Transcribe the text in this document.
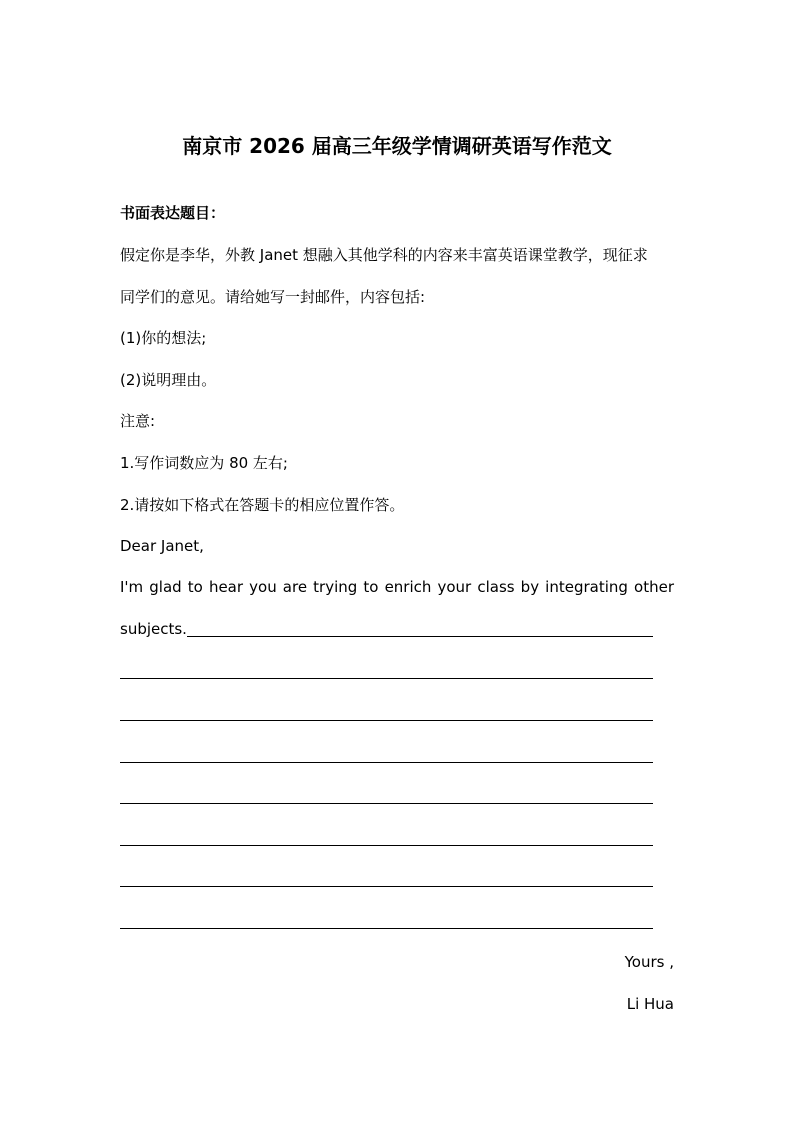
南京市 2026 届高三年级学情调研英语写作范文
书面表达题目：
假定你是李华，外教 Janet 想融入其他学科的内容来丰富英语课堂教学，现征求
同学们的意见。请给她写一封邮件，内容包括:
(1)你的想法;
(2)说明理由。
注意:
1.写作词数应为 80 左右;
2.请按如下格式在答题卡的相应位置作答。
Dear Janet,
I'm glad to hear you are trying to enrich your class by integrating other
subjects.
Yours ,
Li Hua
